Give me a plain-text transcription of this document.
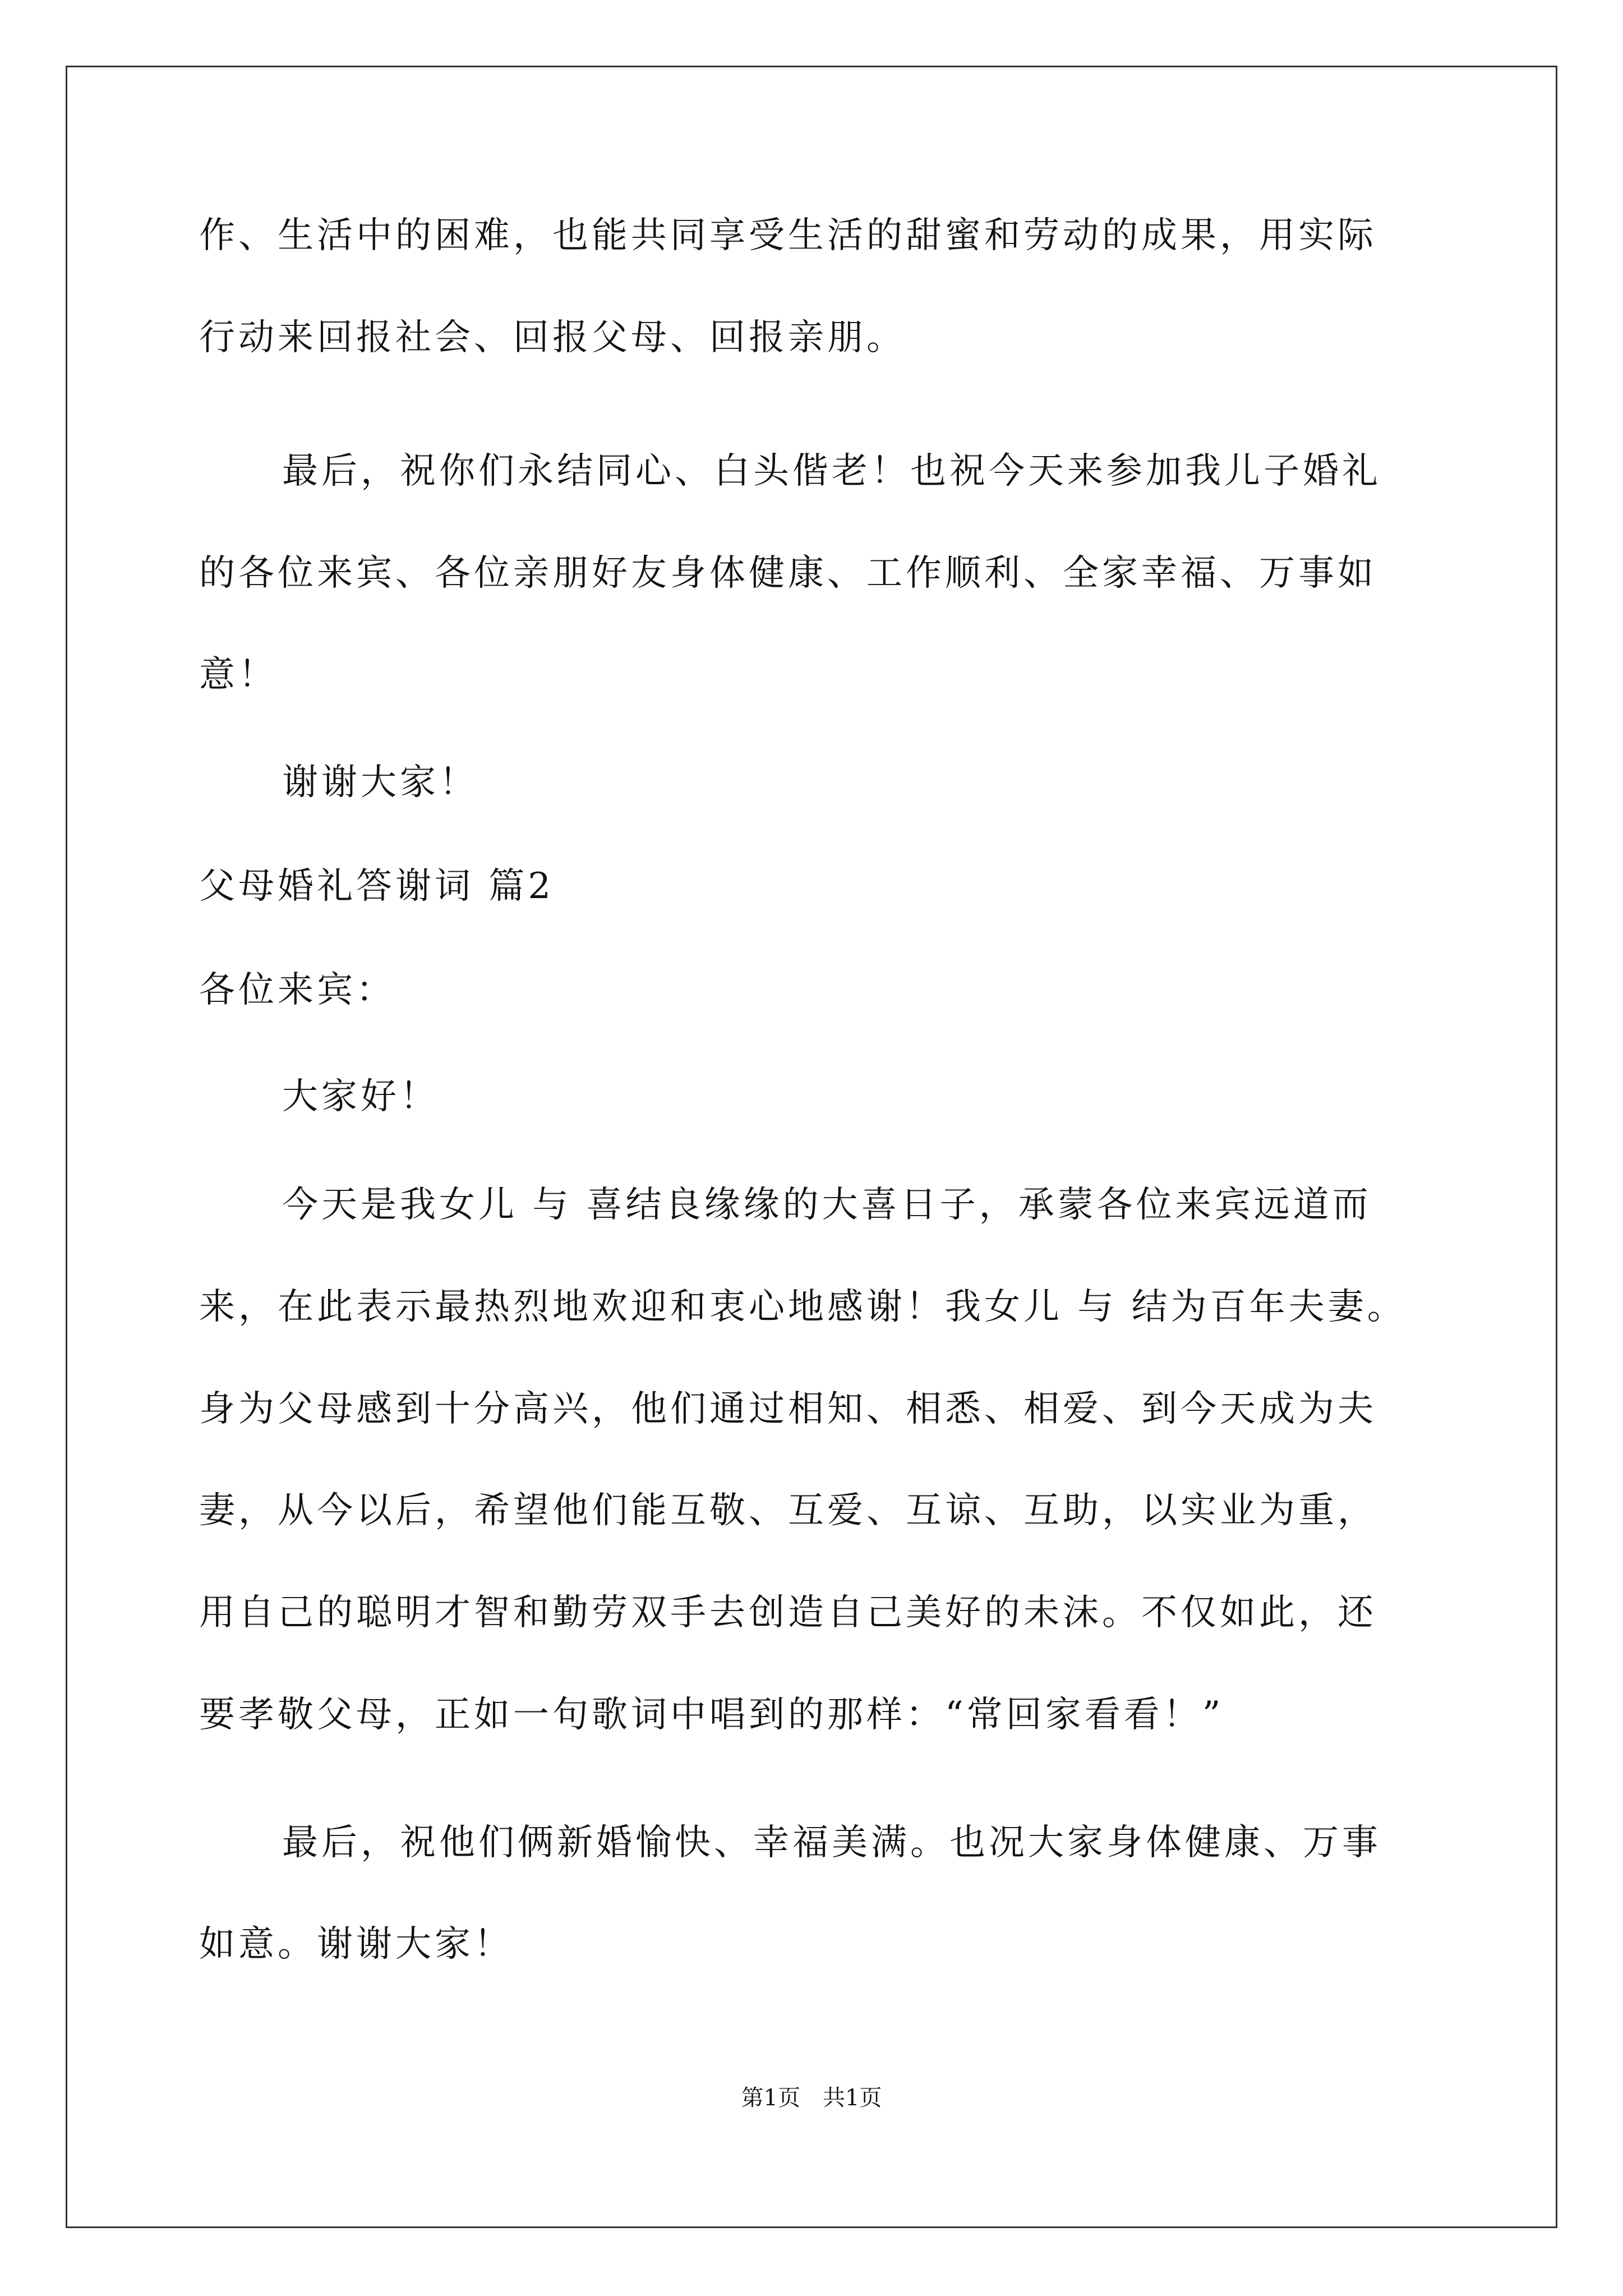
作、生活中的困难，也能共同享受生活的甜蜜和劳动的成果，用实际
行动来回报社会、回报父母、回报亲朋。
最后，祝你们永结同心、白头偕老！也祝今天来参加我儿子婚礼
的各位来宾、各位亲朋好友身体健康、工作顺利、全家幸福、万事如
意！
谢谢大家！
父母婚礼答谢词 篇2
各位来宾：
大家好！
今天是我女儿 与 喜结良缘缘的大喜日子，承蒙各位来宾远道而
来，在此表示最热烈地欢迎和衷心地感谢！我女儿 与 结为百年夫妻。
身为父母感到十分高兴，他们通过相知、相悉、相爱、到今天成为夫
妻，从今以后，希望他们能互敬、互爱、互谅、互助，以实业为重，
用自己的聪明才智和勤劳双手去创造自己美好的未沫。不仅如此，还
要孝敬父母，正如一句歌词中唱到的那样：“常回家看看！”
最后，祝他们俩新婚愉快、幸福美满。也况大家身体健康、万事
如意。谢谢大家！
第1页　共1页
